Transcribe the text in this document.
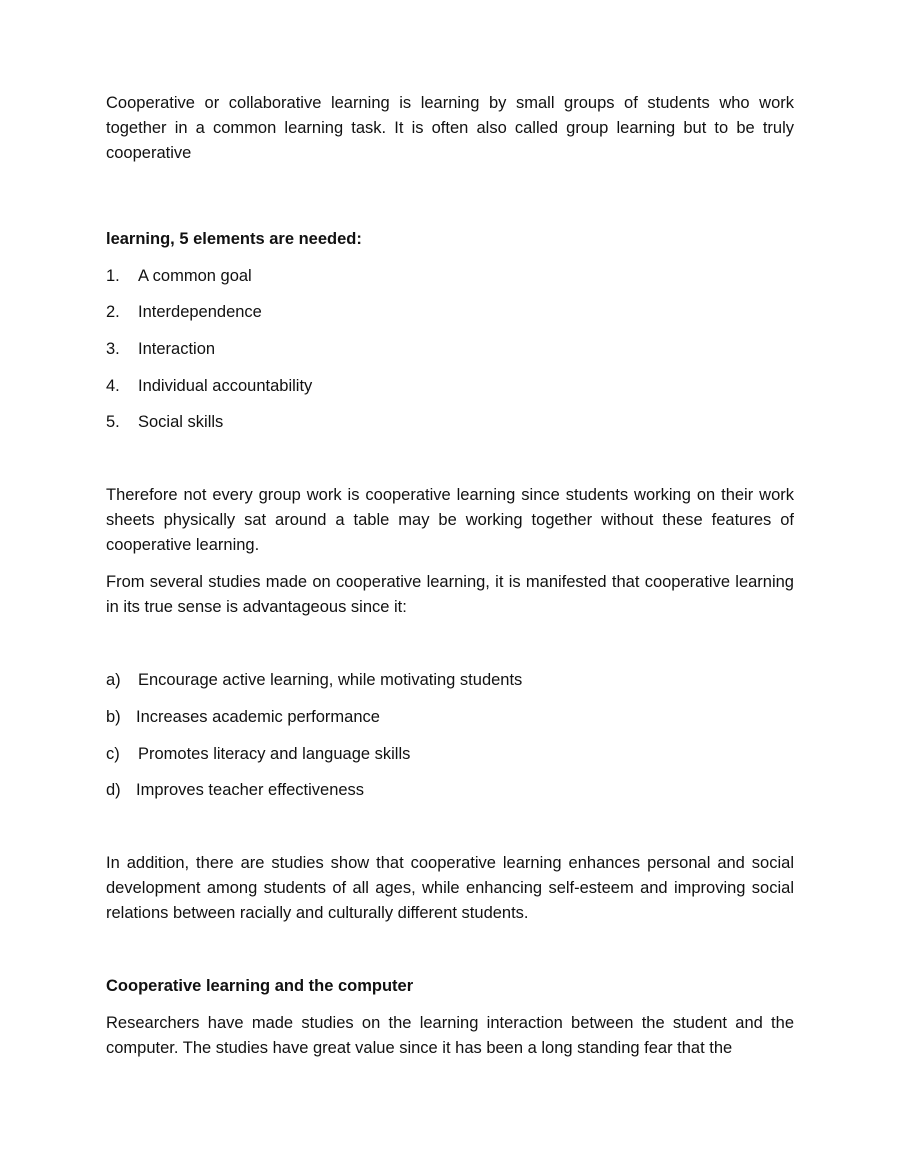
Cooperative or collaborative learning is learning by small groups of students who work together in a common learning task. It is often also called group learning but to be truly cooperative

learning, 5 elements are needed:

1.	A common goal
2.	Interdependence
3.	Interaction
4.	Individual accountability
5.	Social skills

Therefore not every group work is cooperative learning since students working on their work sheets physically sat around a table may be working together without these features of cooperative learning.

From several studies made on cooperative learning, it is manifested that cooperative learning in its true sense is advantageous since it:

a)	Encourage active learning, while motivating students
b) Increases academic performance
c)	Promotes literacy and language skills
d) Improves teacher effectiveness

In addition, there are studies show that cooperative learning enhances personal and social development among students of all ages, while enhancing self-esteem and improving social relations between racially and culturally different students.

Cooperative learning and the computer

Researchers have made studies on the learning interaction between the student and the computer. The studies have great value since it has been a long standing fear that the
